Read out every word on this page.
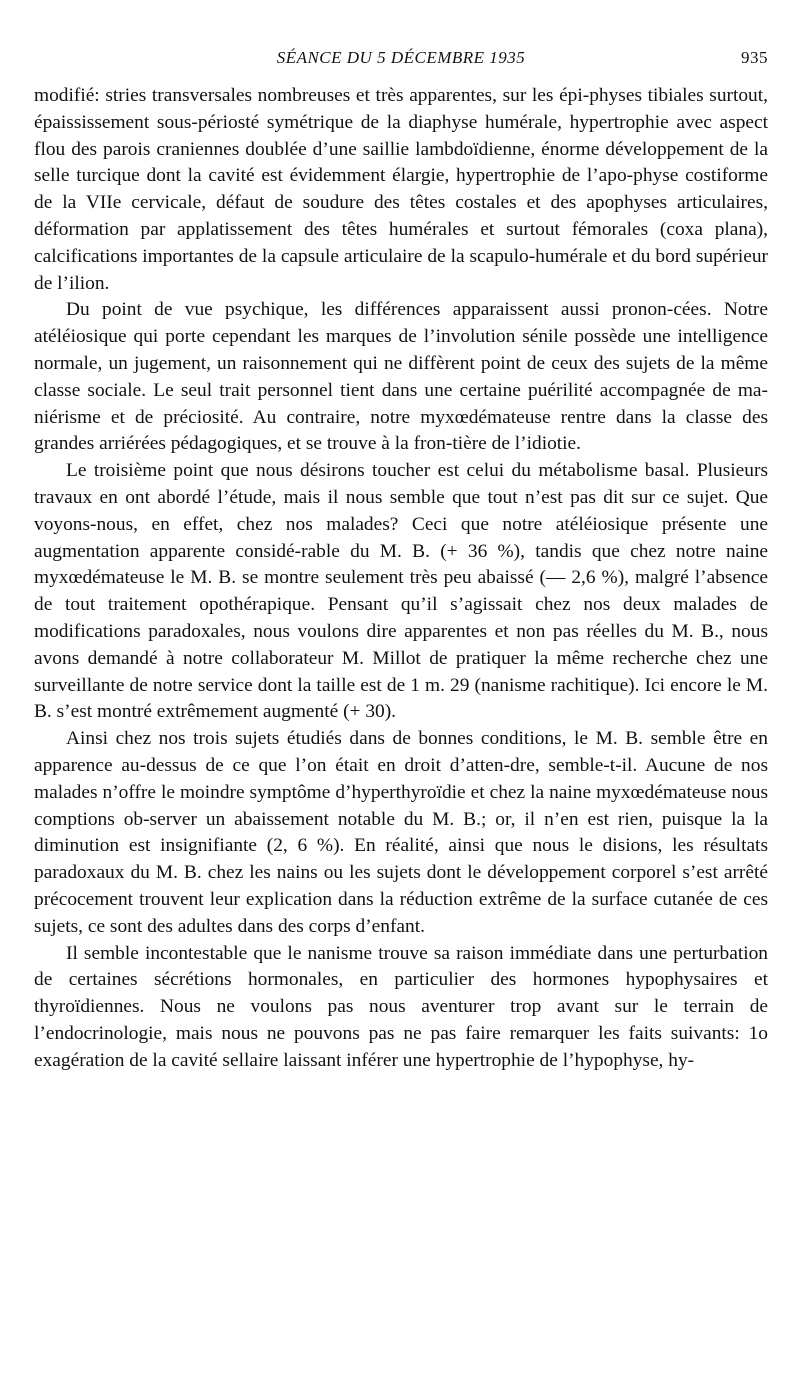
SÉANCE DU 5 DÉCEMBRE 1935	935

modifié: stries transversales nombreuses et très apparentes, sur les épi-physes tibiales surtout, épaississement sous-périosté symétrique de la diaphyse humérale, hypertrophie avec aspect flou des parois craniennes doublée d’une saillie lambdoïdienne, énorme développement de la selle turcique dont la cavité est évidemment élargie, hypertrophie de l’apo-physe costiforme de la VIIe cervicale, défaut de soudure des têtes costales et des apophyses articulaires, déformation par applatissement des têtes humérales et surtout fémorales (coxa plana), calcifications importantes de la capsule articulaire de la scapulo-humérale et du bord supérieur de l’ilion.

Du point de vue psychique, les différences apparaissent aussi pronon-cées. Notre atéléiosique qui porte cependant les marques de l’involution sénile possède une intelligence normale, un jugement, un raisonnement qui ne diffèrent point de ceux des sujets de la même classe sociale. Le seul trait personnel tient dans une certaine puérilité accompagnée de ma-niérisme et de préciosité. Au contraire, notre myxœdémateuse rentre dans la classe des grandes arriérées pédagogiques, et se trouve à la fron-tière de l’idiotie.

Le troisième point que nous désirons toucher est celui du métabolisme basal. Plusieurs travaux en ont abordé l’étude, mais il nous semble que tout n’est pas dit sur ce sujet. Que voyons-nous, en effet, chez nos malades? Ceci que notre atéléiosique présente une augmentation apparente considé-rable du M. B. (+ 36 %), tandis que chez notre naine myxœdémateuse le M. B. se montre seulement très peu abaissé (— 2,6 %), malgré l’absence de tout traitement opothérapique. Pensant qu’il s’agissait chez nos deux malades de modifications paradoxales, nous voulons dire apparentes et non pas réelles du M. B., nous avons demandé à notre collaborateur M. Millot de pratiquer la même recherche chez une surveillante de notre service dont la taille est de 1 m. 29 (nanisme rachitique). Ici encore le M. B. s’est montré extrêmement augmenté (+ 30).

Ainsi chez nos trois sujets étudiés dans de bonnes conditions, le M. B. semble être en apparence au-dessus de ce que l’on était en droit d’atten-dre, semble-t-il. Aucune de nos malades n’offre le moindre symptôme d’hyperthyroïdie et chez la naine myxœdémateuse nous comptions ob-server un abaissement notable du M. B.; or, il n’en est rien, puisque la la diminution est insignifiante (2, 6 %). En réalité, ainsi que nous le disions, les résultats paradoxaux du M. B. chez les nains ou les sujets dont le développement corporel s’est arrêté précocement trouvent leur explication dans la réduction extrême de la surface cutanée de ces sujets, ce sont des adultes dans des corps d’enfant.

Il semble incontestable que le nanisme trouve sa raison immédiate dans une perturbation de certaines sécrétions hormonales, en particulier des hormones hypophysaires et thyroïdiennes. Nous ne voulons pas nous aventurer trop avant sur le terrain de l’endocrinologie, mais nous ne pouvons pas ne pas faire remarquer les faits suivants: 1o exagération de la cavité sellaire laissant inférer une hypertrophie de l’hypophyse, hy-
